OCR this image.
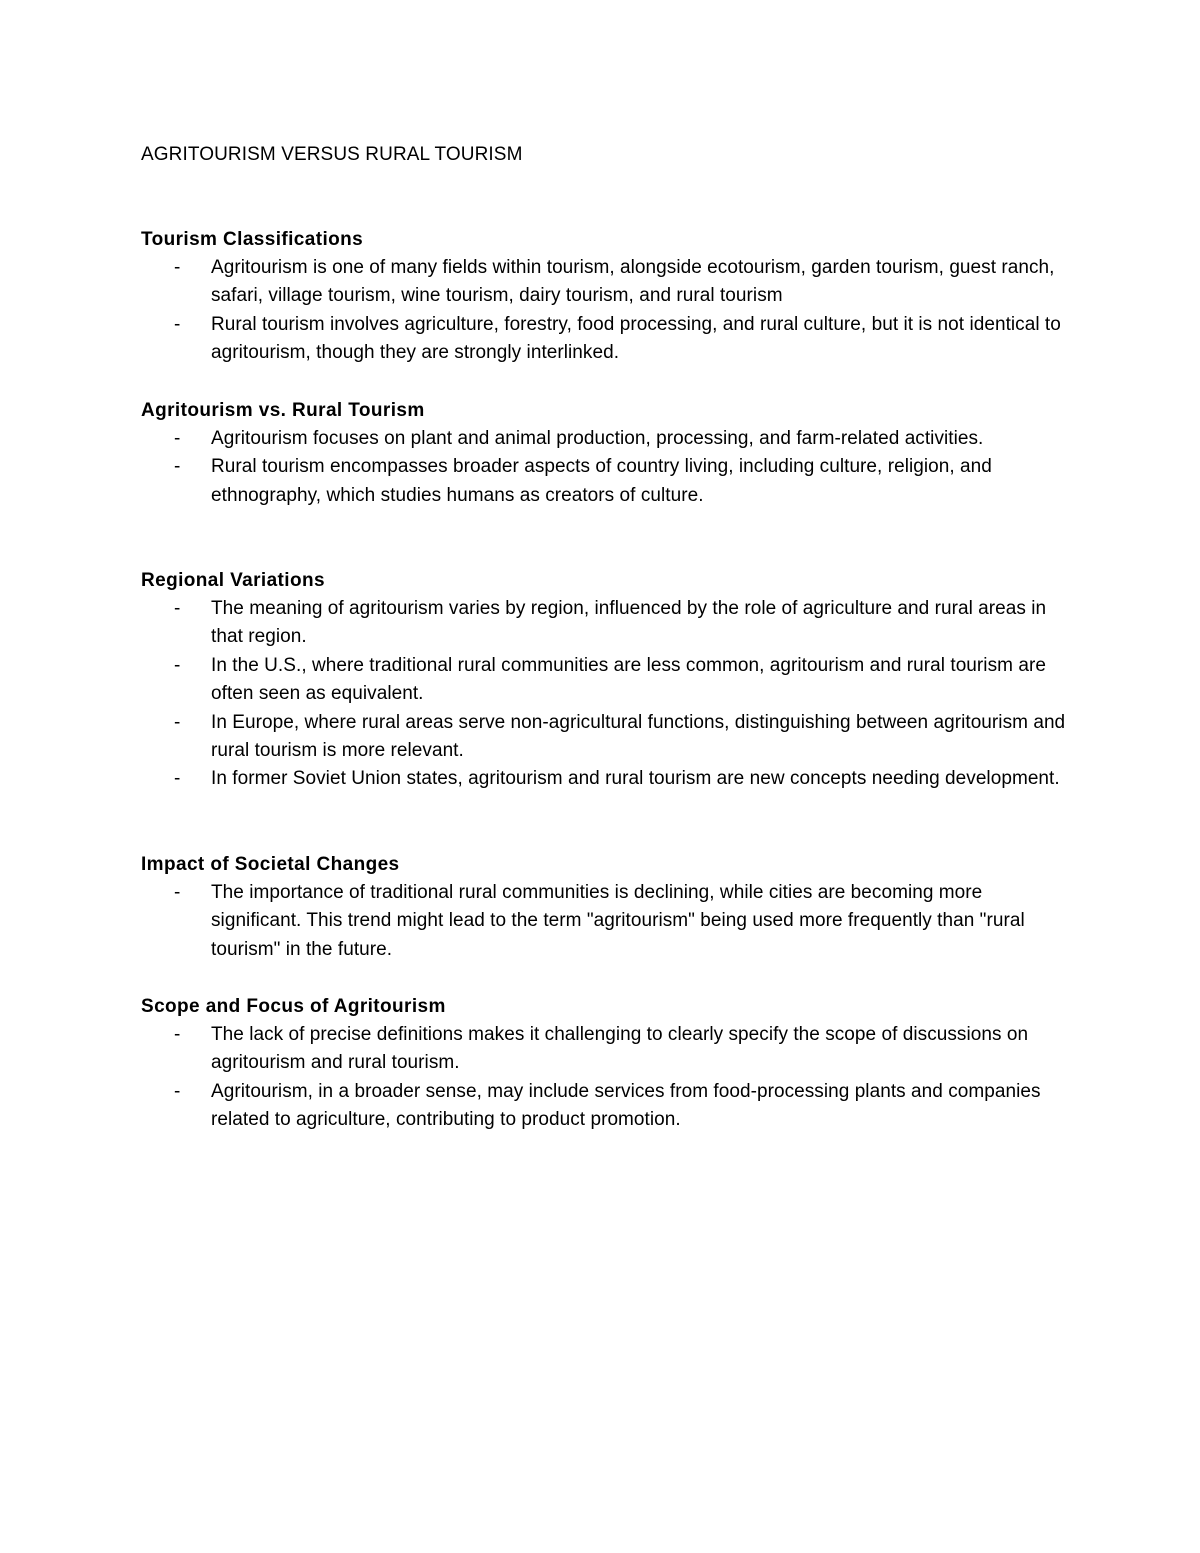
AGRITOURISM VERSUS RURAL TOURISM
Tourism Classifications
- Agritourism is one of many fields within tourism, alongside ecotourism, garden tourism, guest ranch, safari, village tourism, wine tourism, dairy tourism, and rural tourism
- Rural tourism involves agriculture, forestry, food processing, and rural culture, but it is not identical to agritourism, though they are strongly interlinked.
Agritourism vs. Rural Tourism
- Agritourism focuses on plant and animal production, processing, and farm-related activities.
- Rural tourism encompasses broader aspects of country living, including culture, religion, and ethnography, which studies humans as creators of culture.
Regional Variations
- The meaning of agritourism varies by region, influenced by the role of agriculture and rural areas in that region.
- In the U.S., where traditional rural communities are less common, agritourism and rural tourism are often seen as equivalent.
- In Europe, where rural areas serve non-agricultural functions, distinguishing between agritourism and rural tourism is more relevant.
- In former Soviet Union states, agritourism and rural tourism are new concepts needing development.
Impact of Societal Changes
- The importance of traditional rural communities is declining, while cities are becoming more significant. This trend might lead to the term "agritourism" being used more frequently than "rural tourism" in the future.
Scope and Focus of Agritourism
- The lack of precise definitions makes it challenging to clearly specify the scope of discussions on agritourism and rural tourism.
- Agritourism, in a broader sense, may include services from food-processing plants and companies related to agriculture, contributing to product promotion.
